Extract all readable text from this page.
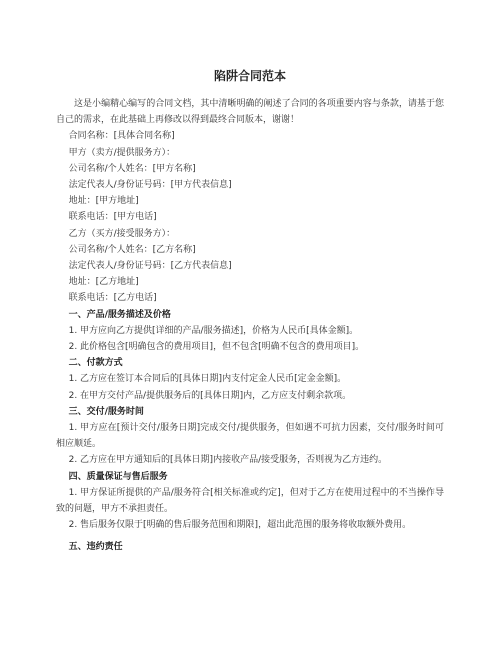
陷阱合同范本

这是小编精心编写的合同文档，其中清晰明确的阐述了合同的各项重要内容与条款，请基于您自己的需求，在此基础上再修改以得到最终合同版本，谢谢！

合同名称：[具体合同名称]
甲方（卖方/提供服务方）：
公司名称/个人姓名：[甲方名称]
法定代表人/身份证号码：[甲方代表信息]
地址：[甲方地址]
联系电话：[甲方电话]
乙方（买方/接受服务方）：
公司名称/个人姓名：[乙方名称]
法定代表人/身份证号码：[乙方代表信息]
地址：[乙方地址]
联系电话：[乙方电话]
一、产品/服务描述及价格

1. 甲方应向乙方提供[详细的产品/服务描述]，价格为人民币[具体金额]。

2. 此价格包含[明确包含的费用项目]，但不包含[明确不包含的费用项目]。

二、付款方式

1. 乙方应在签订本合同后的[具体日期]内支付定金人民币[定金金额]。

2. 在甲方交付产品/提供服务后的[具体日期]内，乙方应支付剩余款项。

三、交付/服务时间

1. 甲方应在[预计交付/服务日期]完成交付/提供服务，但如遇不可抗力因素，交付/服务时间可相应顺延。

2. 乙方应在甲方通知后的[具体日期]内接收产品/接受服务，否则视为乙方违约。

四、质量保证与售后服务

1. 甲方保证所提供的产品/服务符合[相关标准或约定]，但对于乙方在使用过程中的不当操作导致的问题，甲方不承担责任。

2. 售后服务仅限于[明确的售后服务范围和期限]，超出此范围的服务将收取额外费用。

五、违约责任
